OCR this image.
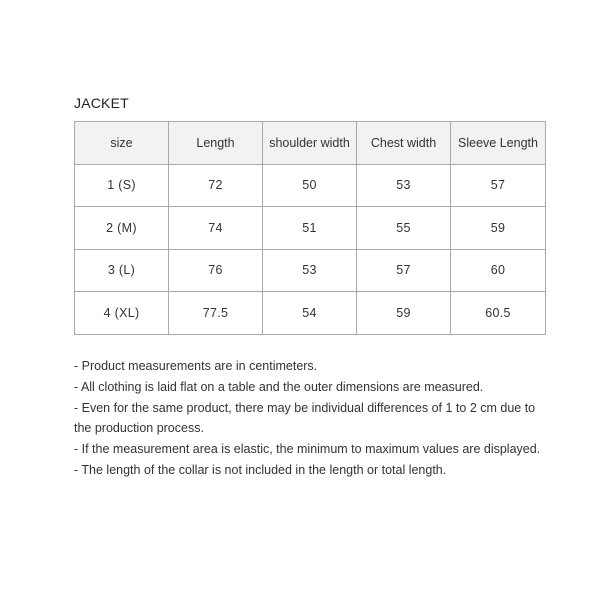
JACKET
size	Length	shoulder width	Chest width	Sleeve Length
1 (S)	72	50	53	57
2 (M)	74	51	55	59
3 (L)	76	53	57	60
4 (XL)	77.5	54	59	60.5

- Product measurements are in centimeters.

- All clothing is laid flat on a table and the outer dimensions are measured.

- Even for the same product, there may be individual differences of 1 to 2 cm due to the production process.

- If the measurement area is elastic, the minimum to maximum values are displayed.

- The length of the collar is not included in the length or total length.
